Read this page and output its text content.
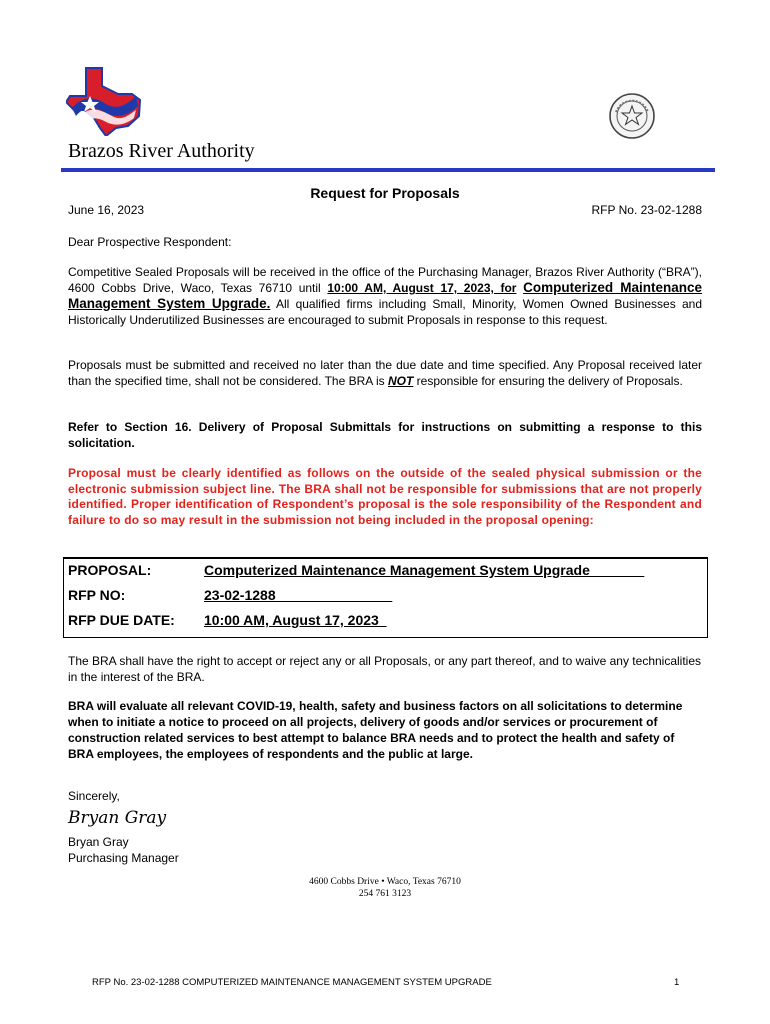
Brazos River Authority
Request for Proposals
June 16, 2023	RFP No. 23-02-1288
Dear Prospective Respondent:
Competitive Sealed Proposals will be received in the office of the Purchasing Manager, Brazos River Authority (“BRA”), 4600 Cobbs Drive, Waco, Texas 76710 until 10:00 AM, August 17, 2023, for Computerized Maintenance Management System Upgrade. All qualified firms including Small, Minority, Women Owned Businesses and Historically Underutilized Businesses are encouraged to submit Proposals in response to this request.
Proposals must be submitted and received no later than the due date and time specified. Any Proposal received later than the specified time, shall not be considered. The BRA is NOT responsible for ensuring the delivery of Proposals.
Refer to Section 16. Delivery of Proposal Submittals for instructions on submitting a response to this solicitation.
Proposal must be clearly identified as follows on the outside of the sealed physical submission or the electronic submission subject line. The BRA shall not be responsible for submissions that are not properly identified. Proper identification of Respondent’s proposal is the sole responsibility of the Respondent and failure to do so may result in the submission not being included in the proposal opening:
PROPOSAL:	Computerized Maintenance Management System Upgrade
RFP NO:	23-02-1288
RFP DUE DATE:	10:00 AM, August 17, 2023
The BRA shall have the right to accept or reject any or all Proposals, or any part thereof, and to waive any technicalities in the interest of the BRA.
BRA will evaluate all relevant COVID-19, health, safety and business factors on all solicitations to determine when to initiate a notice to proceed on all projects, delivery of goods and/or services or procurement of construction related services to best attempt to balance BRA needs and to protect the health and safety of BRA employees, the employees of respondents and the public at large.
Sincerely,
Bryan Gray
Bryan Gray
Purchasing Manager
4600 Cobbs Drive • Waco, Texas 76710
254 761 3123
RFP No. 23-02-1288 COMPUTERIZED MAINTENANCE MANAGEMENT SYSTEM UPGRADE	1
